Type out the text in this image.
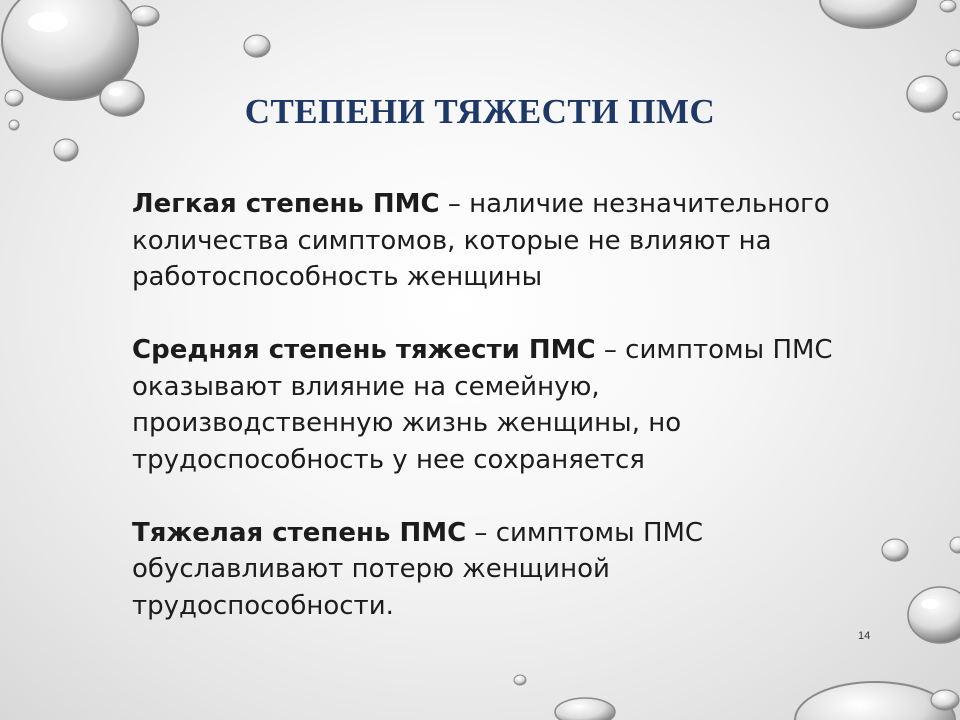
СТЕПЕНИ ТЯЖЕСТИ ПМС

Легкая степень ПМС – наличие незначительного количества симптомов, которые не влияют на работоспособность женщины

Средняя степень тяжести ПМС – симптомы ПМС оказывают влияние на семейную, производственную жизнь женщины, но трудоспособность у нее сохраняется

Тяжелая степень ПМС – симптомы ПМС обуславливают потерю женщиной трудоспособности.

14
